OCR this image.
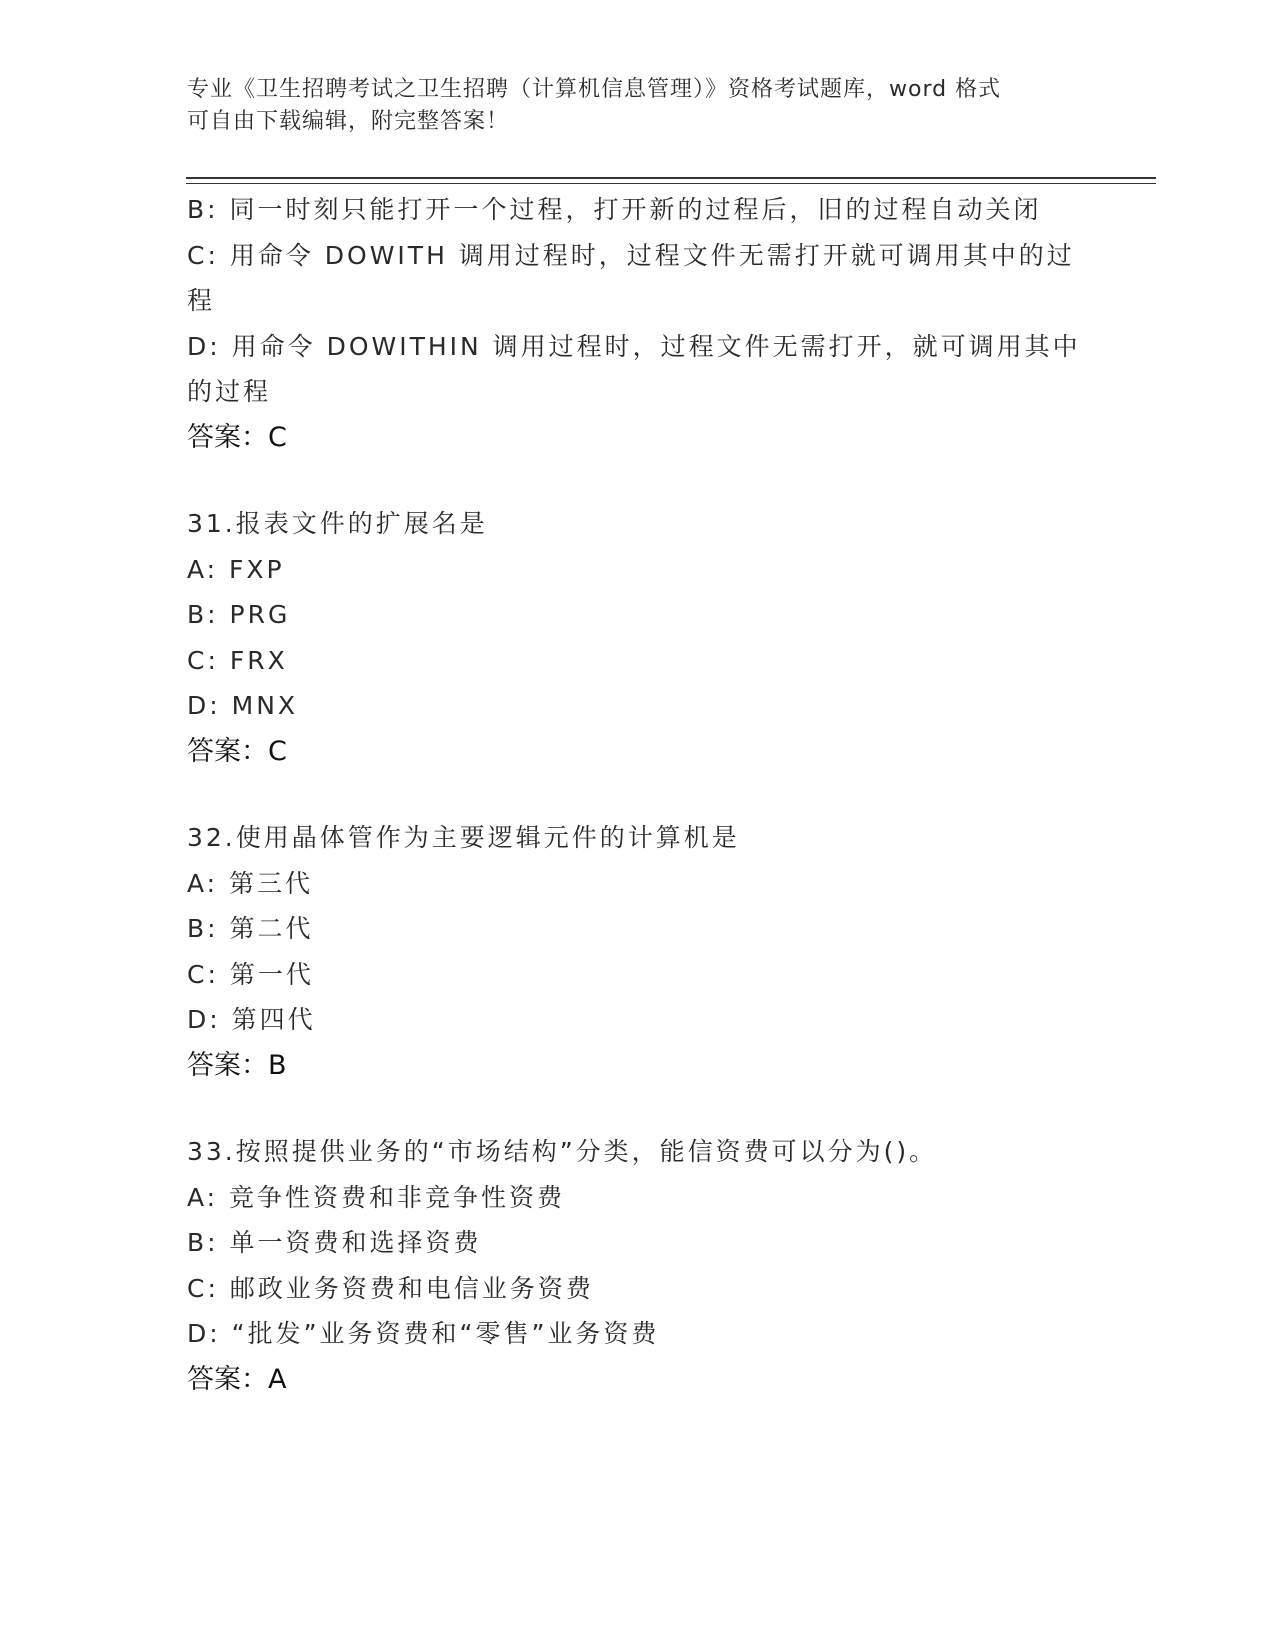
专业《卫生招聘考试之卫生招聘（计算机信息管理）》资格考试题库，word 格式
可自由下载编辑，附完整答案！
B: 同一时刻只能打开一个过程，打开新的过程后，旧的过程自动关闭
C: 用命令 DOWITH 调用过程时，过程文件无需打开就可调用其中的过
程
D: 用命令 DOWITHIN 调用过程时，过程文件无需打开，就可调用其中
的过程
答案：C
31.报表文件的扩展名是
A: FXP
B: PRG
C: FRX
D: MNX
答案：C
32.使用晶体管作为主要逻辑元件的计算机是
A: 第三代
B: 第二代
C: 第一代
D: 第四代
答案：B
33.按照提供业务的“市场结构”分类，能信资费可以分为()。
A: 竞争性资费和非竞争性资费
B: 单一资费和选择资费
C: 邮政业务资费和电信业务资费
D: “批发”业务资费和“零售”业务资费
答案：A
